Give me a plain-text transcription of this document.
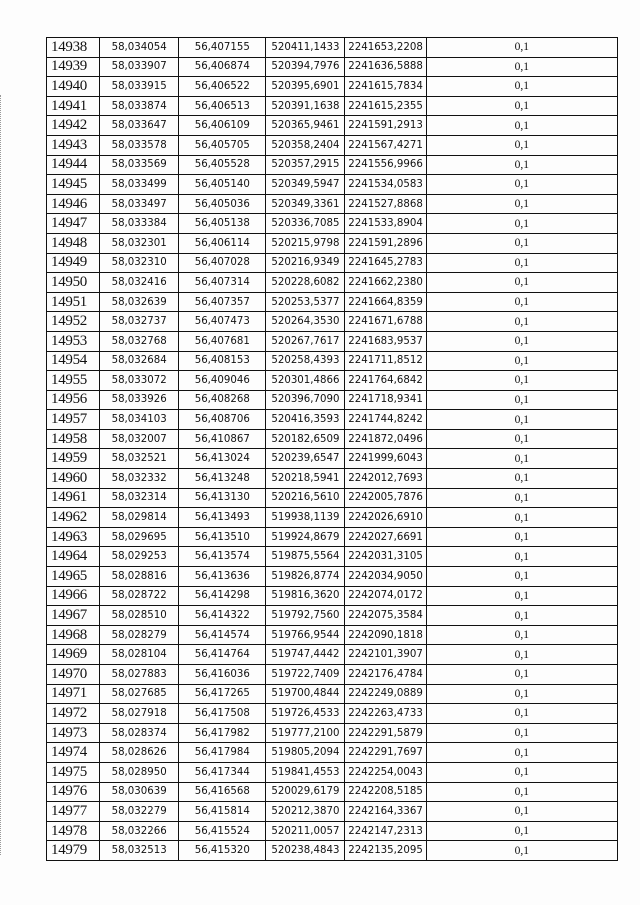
14938	58,034054	56,407155	520411,1433	2241653,2208	0,1
14939	58,033907	56,406874	520394,7976	2241636,5888	0,1
14940	58,033915	56,406522	520395,6901	2241615,7834	0,1
14941	58,033874	56,406513	520391,1638	2241615,2355	0,1
14942	58,033647	56,406109	520365,9461	2241591,2913	0,1
14943	58,033578	56,405705	520358,2404	2241567,4271	0,1
14944	58,033569	56,405528	520357,2915	2241556,9966	0,1
14945	58,033499	56,405140	520349,5947	2241534,0583	0,1
14946	58,033497	56,405036	520349,3361	2241527,8868	0,1
14947	58,033384	56,405138	520336,7085	2241533,8904	0,1
14948	58,032301	56,406114	520215,9798	2241591,2896	0,1
14949	58,032310	56,407028	520216,9349	2241645,2783	0,1
14950	58,032416	56,407314	520228,6082	2241662,2380	0,1
14951	58,032639	56,407357	520253,5377	2241664,8359	0,1
14952	58,032737	56,407473	520264,3530	2241671,6788	0,1
14953	58,032768	56,407681	520267,7617	2241683,9537	0,1
14954	58,032684	56,408153	520258,4393	2241711,8512	0,1
14955	58,033072	56,409046	520301,4866	2241764,6842	0,1
14956	58,033926	56,408268	520396,7090	2241718,9341	0,1
14957	58,034103	56,408706	520416,3593	2241744,8242	0,1
14958	58,032007	56,410867	520182,6509	2241872,0496	0,1
14959	58,032521	56,413024	520239,6547	2241999,6043	0,1
14960	58,032332	56,413248	520218,5941	2242012,7693	0,1
14961	58,032314	56,413130	520216,5610	2242005,7876	0,1
14962	58,029814	56,413493	519938,1139	2242026,6910	0,1
14963	58,029695	56,413510	519924,8679	2242027,6691	0,1
14964	58,029253	56,413574	519875,5564	2242031,3105	0,1
14965	58,028816	56,413636	519826,8774	2242034,9050	0,1
14966	58,028722	56,414298	519816,3620	2242074,0172	0,1
14967	58,028510	56,414322	519792,7560	2242075,3584	0,1
14968	58,028279	56,414574	519766,9544	2242090,1818	0,1
14969	58,028104	56,414764	519747,4442	2242101,3907	0,1
14970	58,027883	56,416036	519722,7409	2242176,4784	0,1
14971	58,027685	56,417265	519700,4844	2242249,0889	0,1
14972	58,027918	56,417508	519726,4533	2242263,4733	0,1
14973	58,028374	56,417982	519777,2100	2242291,5879	0,1
14974	58,028626	56,417984	519805,2094	2242291,7697	0,1
14975	58,028950	56,417344	519841,4553	2242254,0043	0,1
14976	58,030639	56,416568	520029,6179	2242208,5185	0,1
14977	58,032279	56,415814	520212,3870	2242164,3367	0,1
14978	58,032266	56,415524	520211,0057	2242147,2313	0,1
14979	58,032513	56,415320	520238,4843	2242135,2095	0,1
